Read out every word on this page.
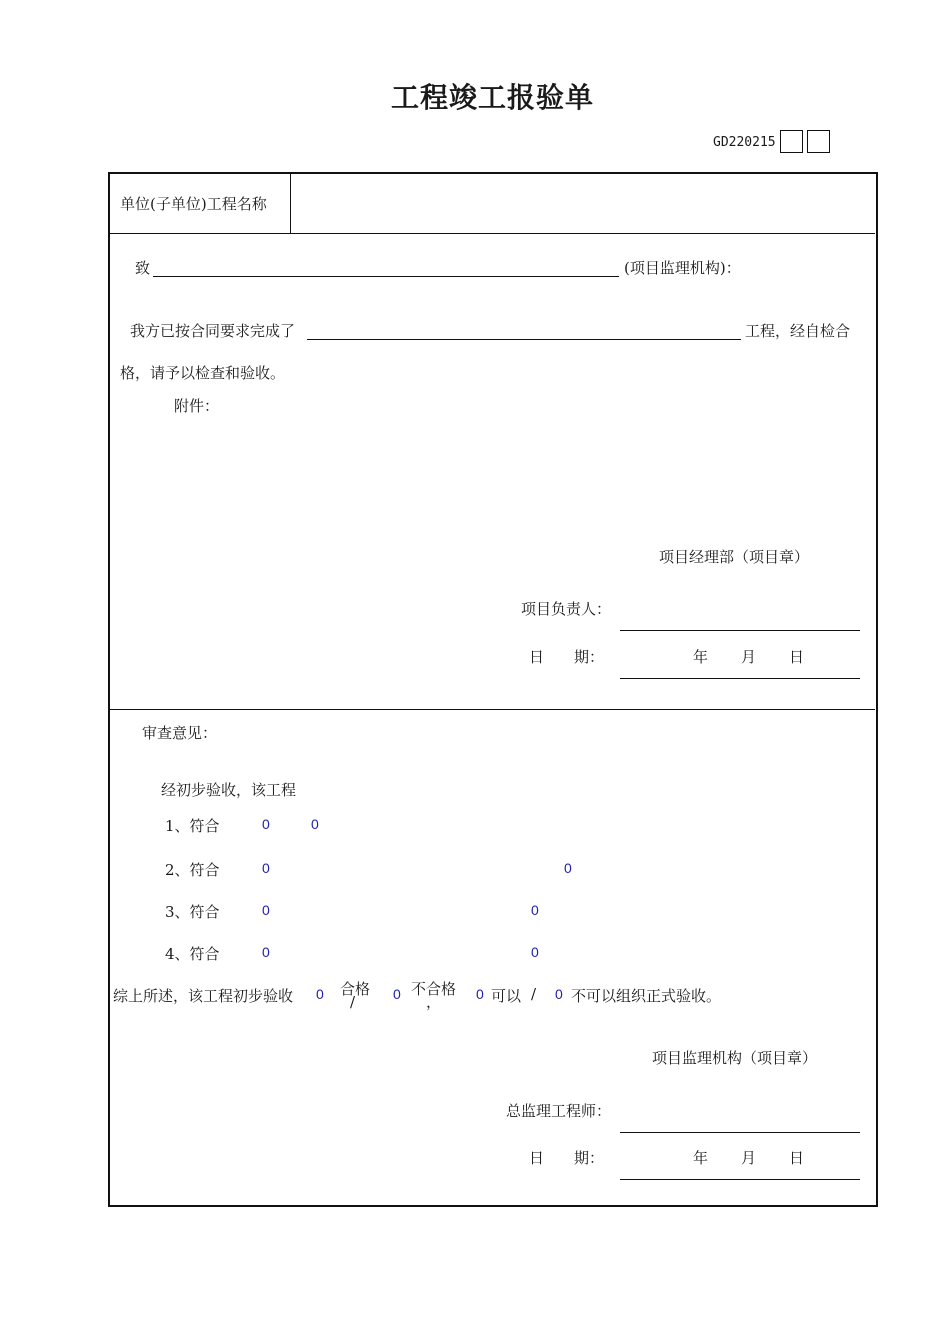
工程竣工报验单
GD220215
单位(子单位)工程名称
致	(项目监理机构)：
我方已按合同要求完成了	工程，经自检合
格，请予以检查和验收。
附件：
项目经理部（项目章）
项目负责人：
日　　期：	年 月 日
审查意见：
经初步验收，该工程
1、符合	0	0
2、符合	0	0
3、符合	0	0
4、符合	0	0
综上所述，该工程初步验收 0 合格
/	0 不合格
， 0 可以 / 0 不可以组织正式验收。
项目监理机构（项目章）
总监理工程师：
日　　期：	年 月 日
